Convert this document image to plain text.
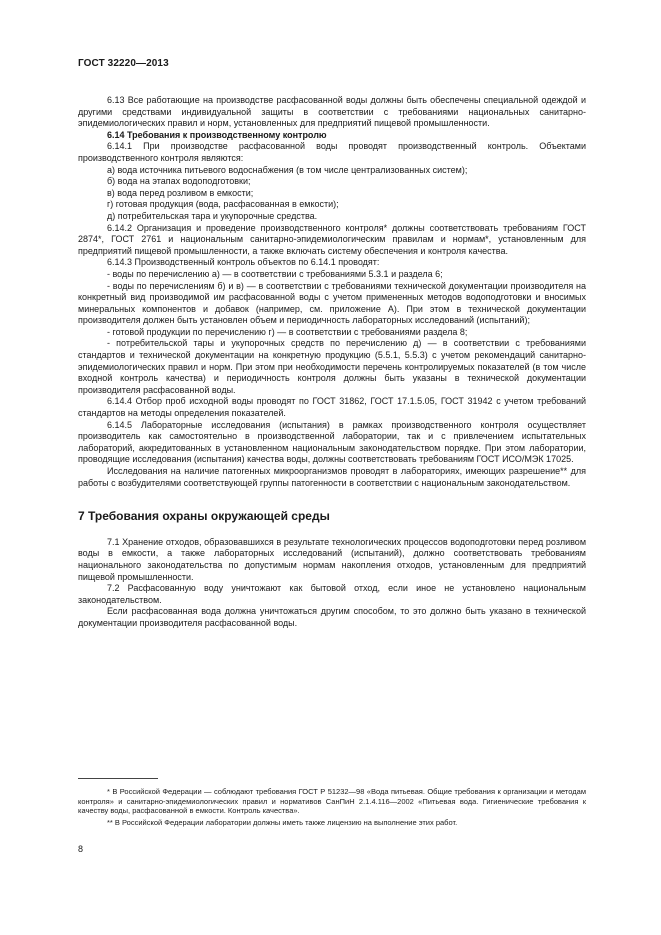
ГОСТ 32220—2013

6.13 Все работающие на производстве расфасованной воды должны быть обеспечены специальной одеждой и другими средствами индивидуальной защиты в соответствии с требованиями национальных санитарно-эпидемиологических правил и норм, установленных для предприятий пищевой промышленности.

6.14 Требования к производственному контролю

6.14.1 При производстве расфасованной воды проводят производственный контроль. Объектами производственного контроля являются:

а) вода источника питьевого водоснабжения (в том числе централизованных систем);

б) вода на этапах водоподготовки;

в) вода перед розливом в емкости;

г) готовая продукция (вода, расфасованная в емкости);

д) потребительская тара и укупорочные средства.

6.14.2 Организация и проведение производственного контроля* должны соответствовать требованиям ГОСТ 2874*, ГОСТ 2761 и национальным санитарно-эпидемиологическим правилам и нормам*, установленным для предприятий пищевой промышленности, а также включать систему обеспечения и контроля качества.

6.14.3 Производственный контроль объектов по 6.14.1 проводят:

- воды по перечислению а) — в соответствии с требованиями 5.3.1 и раздела 6;

- воды по перечислениям б) и в) — в соответствии с требованиями технической документации производителя на конкретный вид производимой им расфасованной воды с учетом примененных методов водоподготовки и вносимых минеральных компонентов и добавок (например, см. приложение А). При этом в технической документации производителя должен быть установлен объем и периодичность лабораторных исследований (испытаний);

- готовой продукции по перечислению г) — в соответствии с требованиями раздела 8;

- потребительской тары и укупорочных средств по перечислению д) — в соответствии с требованиями стандартов и технической документации на конкретную продукцию (5.5.1, 5.5.3) с учетом рекомендаций санитарно-эпидемиологических правил и норм. При этом при необходимости перечень контролируемых показателей (в том числе входной контроль качества) и периодичность контроля должны быть указаны в технической документации производителя расфасованной воды.

6.14.4 Отбор проб исходной воды проводят по ГОСТ 31862, ГОСТ 17.1.5.05, ГОСТ 31942 с учетом требований стандартов на методы определения показателей.

6.14.5 Лабораторные исследования (испытания) в рамках производственного контроля осуществляет производитель как самостоятельно в производственной лаборатории, так и с привлечением испытательных лабораторий, аккредитованных в установленном национальным законодательством порядке. При этом лаборатории, проводящие исследования (испытания) качества воды, должны соответствовать требованиям ГОСТ ИСО/МЭК 17025.

Исследования на наличие патогенных микроорганизмов проводят в лабораториях, имеющих разрешение** для работы с возбудителями соответствующей группы патогенности в соответствии с национальным законодательством.

7 Требования охраны окружающей среды

7.1 Хранение отходов, образовавшихся в результате технологических процессов водоподготовки перед розливом воды в емкости, а также лабораторных исследований (испытаний), должно соответствовать требованиям национального законодательства по допустимым нормам накопления отходов, установленным для предприятий пищевой промышленности.

7.2 Расфасованную воду уничтожают как бытовой отход, если иное не установлено национальным законодательством.

Если расфасованная вода должна уничтожаться другим способом, то это должно быть указано в технической документации производителя расфасованной воды.

* В Российской Федерации — соблюдают требования ГОСТ Р 51232—98 «Вода питьевая. Общие требования к организации и методам контроля» и санитарно-эпидемиологических правил и нормативов СанПиН 2.1.4.116—2002 «Питьевая вода. Гигиенические требования к качеству воды, расфасованной в емкости. Контроль качества».

** В Российской Федерации лаборатории должны иметь также лицензию на выполнение этих работ.

8
